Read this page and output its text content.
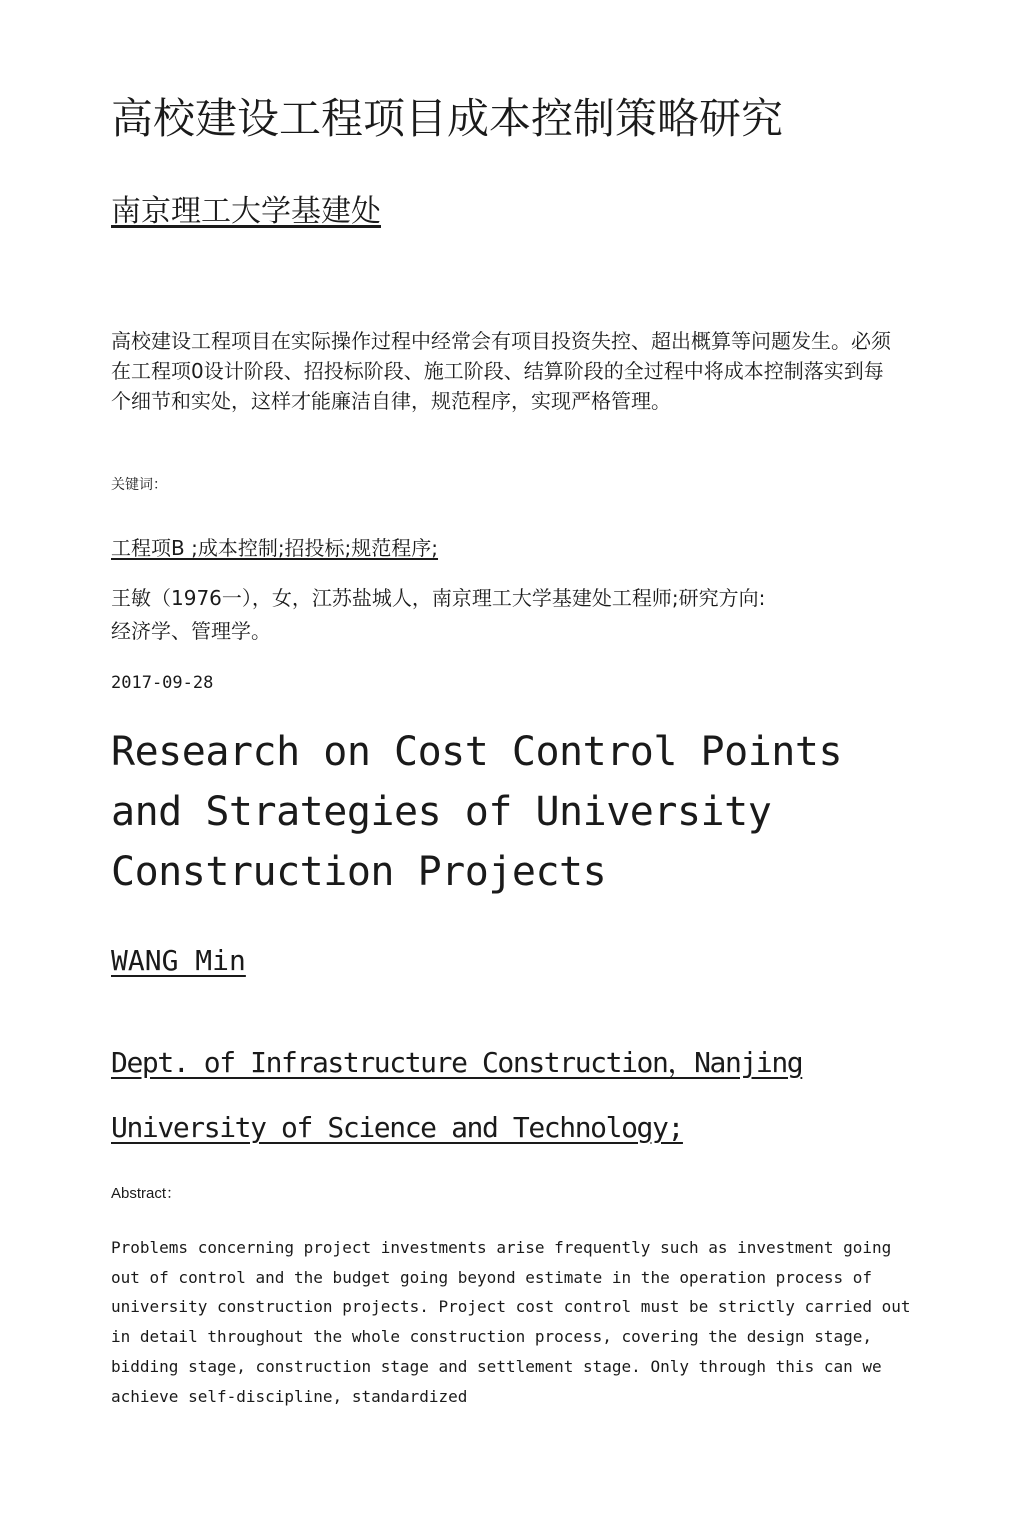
高校建设工程项目成本控制策略研究
南京理工大学基建处
高校建设工程项目在实际操作过程中经常会有项目投资失控、超出概算等问题发生。必须在工程项0设计阶段、招投标阶段、施工阶段、结算阶段的全过程中将成本控制落实到每个细节和实处，这样才能廉洁自律，规范程序，实现严格管理。
关键词：
工程项B ;成本控制;招投标;规范程序;
王敏（1976一），女，江苏盐城人，南京理工大学基建处工程师;研究方向:经济学、管理学。
2017-09-28
Research on Cost Control Points and Strategies of University Construction Projects
WANG Min
Dept. of Infrastructure Construction，Nanjing
University of Science and Technology;
Abstract：
Problems concerning project investments arise frequently such as investment going out of control and the budget going beyond estimate in the operation process of university construction projects. Project cost control must be strictly carried out in detail throughout the whole construction process, covering the design stage, bidding stage, construction stage and settlement stage. Only through this can we achieve self-discipline, standardized
